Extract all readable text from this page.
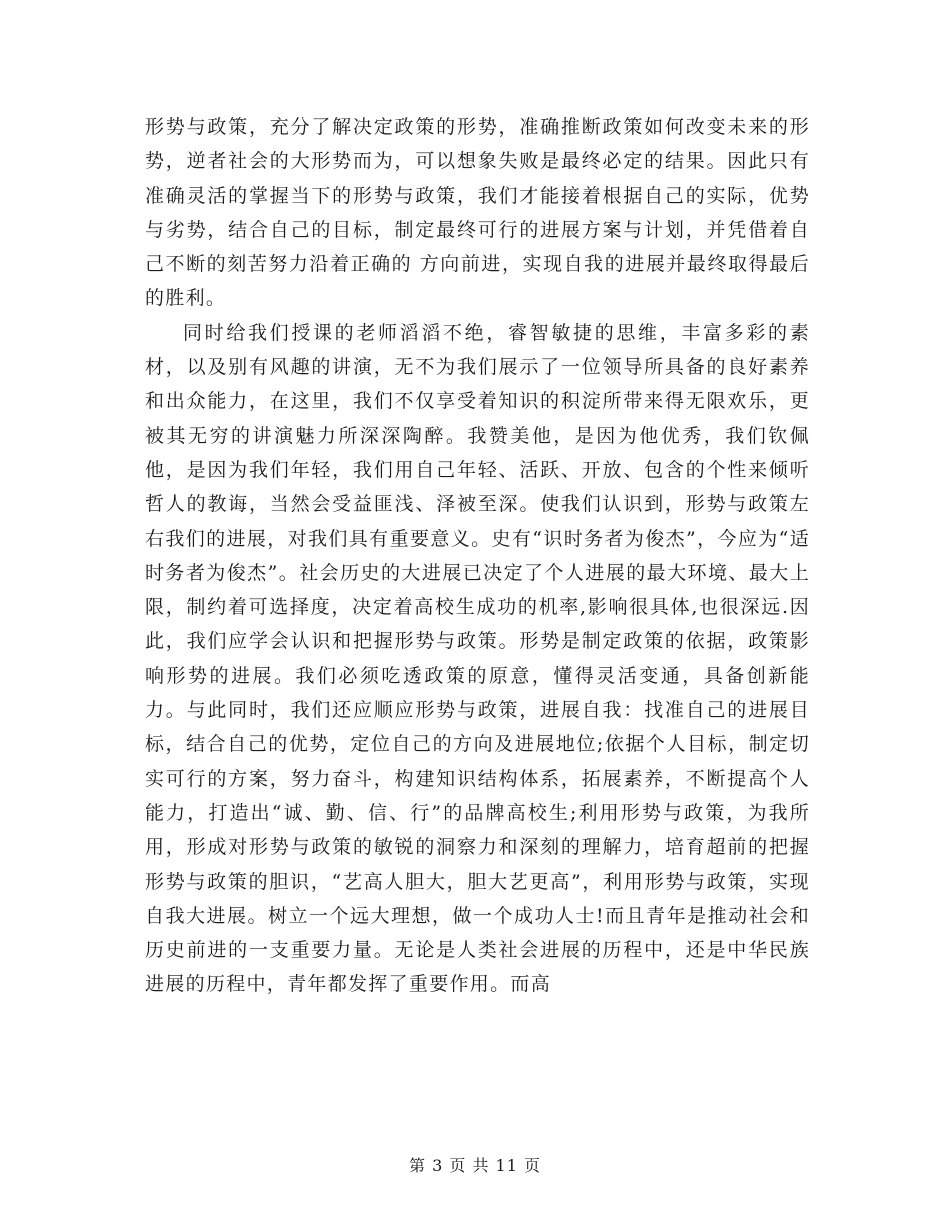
形势与政策，充分了解决定政策的形势，准确推断政策如何改变未来的形势，逆者社会的大形势而为，可以想象失败是最终必定的结果。因此只有准确灵活的掌握当下的形势与政策，我们才能接着根据自己的实际，优势与劣势，结合自己的目标，制定最终可行的进展方案与计划，并凭借着自己不断的刻苦努力沿着正确的 方向前进，实现自我的进展并最终取得最后的胜利。

同时给我们授课的老师滔滔不绝，睿智敏捷的思维，丰富多彩的素材，以及别有风趣的讲演，无不为我们展示了一位领导所具备的良好素养和出众能力，在这里，我们不仅享受着知识的积淀所带来得无限欢乐，更被其无穷的讲演魅力所深深陶醉。我赞美他，是因为他优秀，我们钦佩他，是因为我们年轻，我们用自己年轻、活跃、开放、包含的个性来倾听哲人的教诲，当然会受益匪浅、泽被至深。使我们认识到，形势与政策左右我们的进展，对我们具有重要意义。史有“识时务者为俊杰”，今应为“适时务者为俊杰”。社会历史的大进展已决定了个人进展的最大环境、最大上限，制约着可选择度，决定着高校生成功的机率,影响很具体,也很深远.因此，我们应学会认识和把握形势与政策。形势是制定政策的依据，政策影响形势的进展。我们必须吃透政策的原意，懂得灵活变通，具备创新能力。与此同时，我们还应顺应形势与政策，进展自我：找准自己的进展目标，结合自己的优势，定位自己的方向及进展地位;依据个人目标，制定切实可行的方案，努力奋斗，构建知识结构体系，拓展素养，不断提高个人能力，打造出“诚、勤、信、行”的品牌高校生;利用形势与政策，为我所用，形成对形势与政策的敏锐的洞察力和深刻的理解力，培育超前的把握形势与政策的胆识，“艺高人胆大，胆大艺更高”，利用形势与政策，实现自我大进展。树立一个远大理想，做一个成功人士!而且青年是推动社会和历史前进的一支重要力量。无论是人类社会进展的历程中，还是中华民族进展的历程中，青年都发挥了重要作用。而高

第 3 页 共 11 页
